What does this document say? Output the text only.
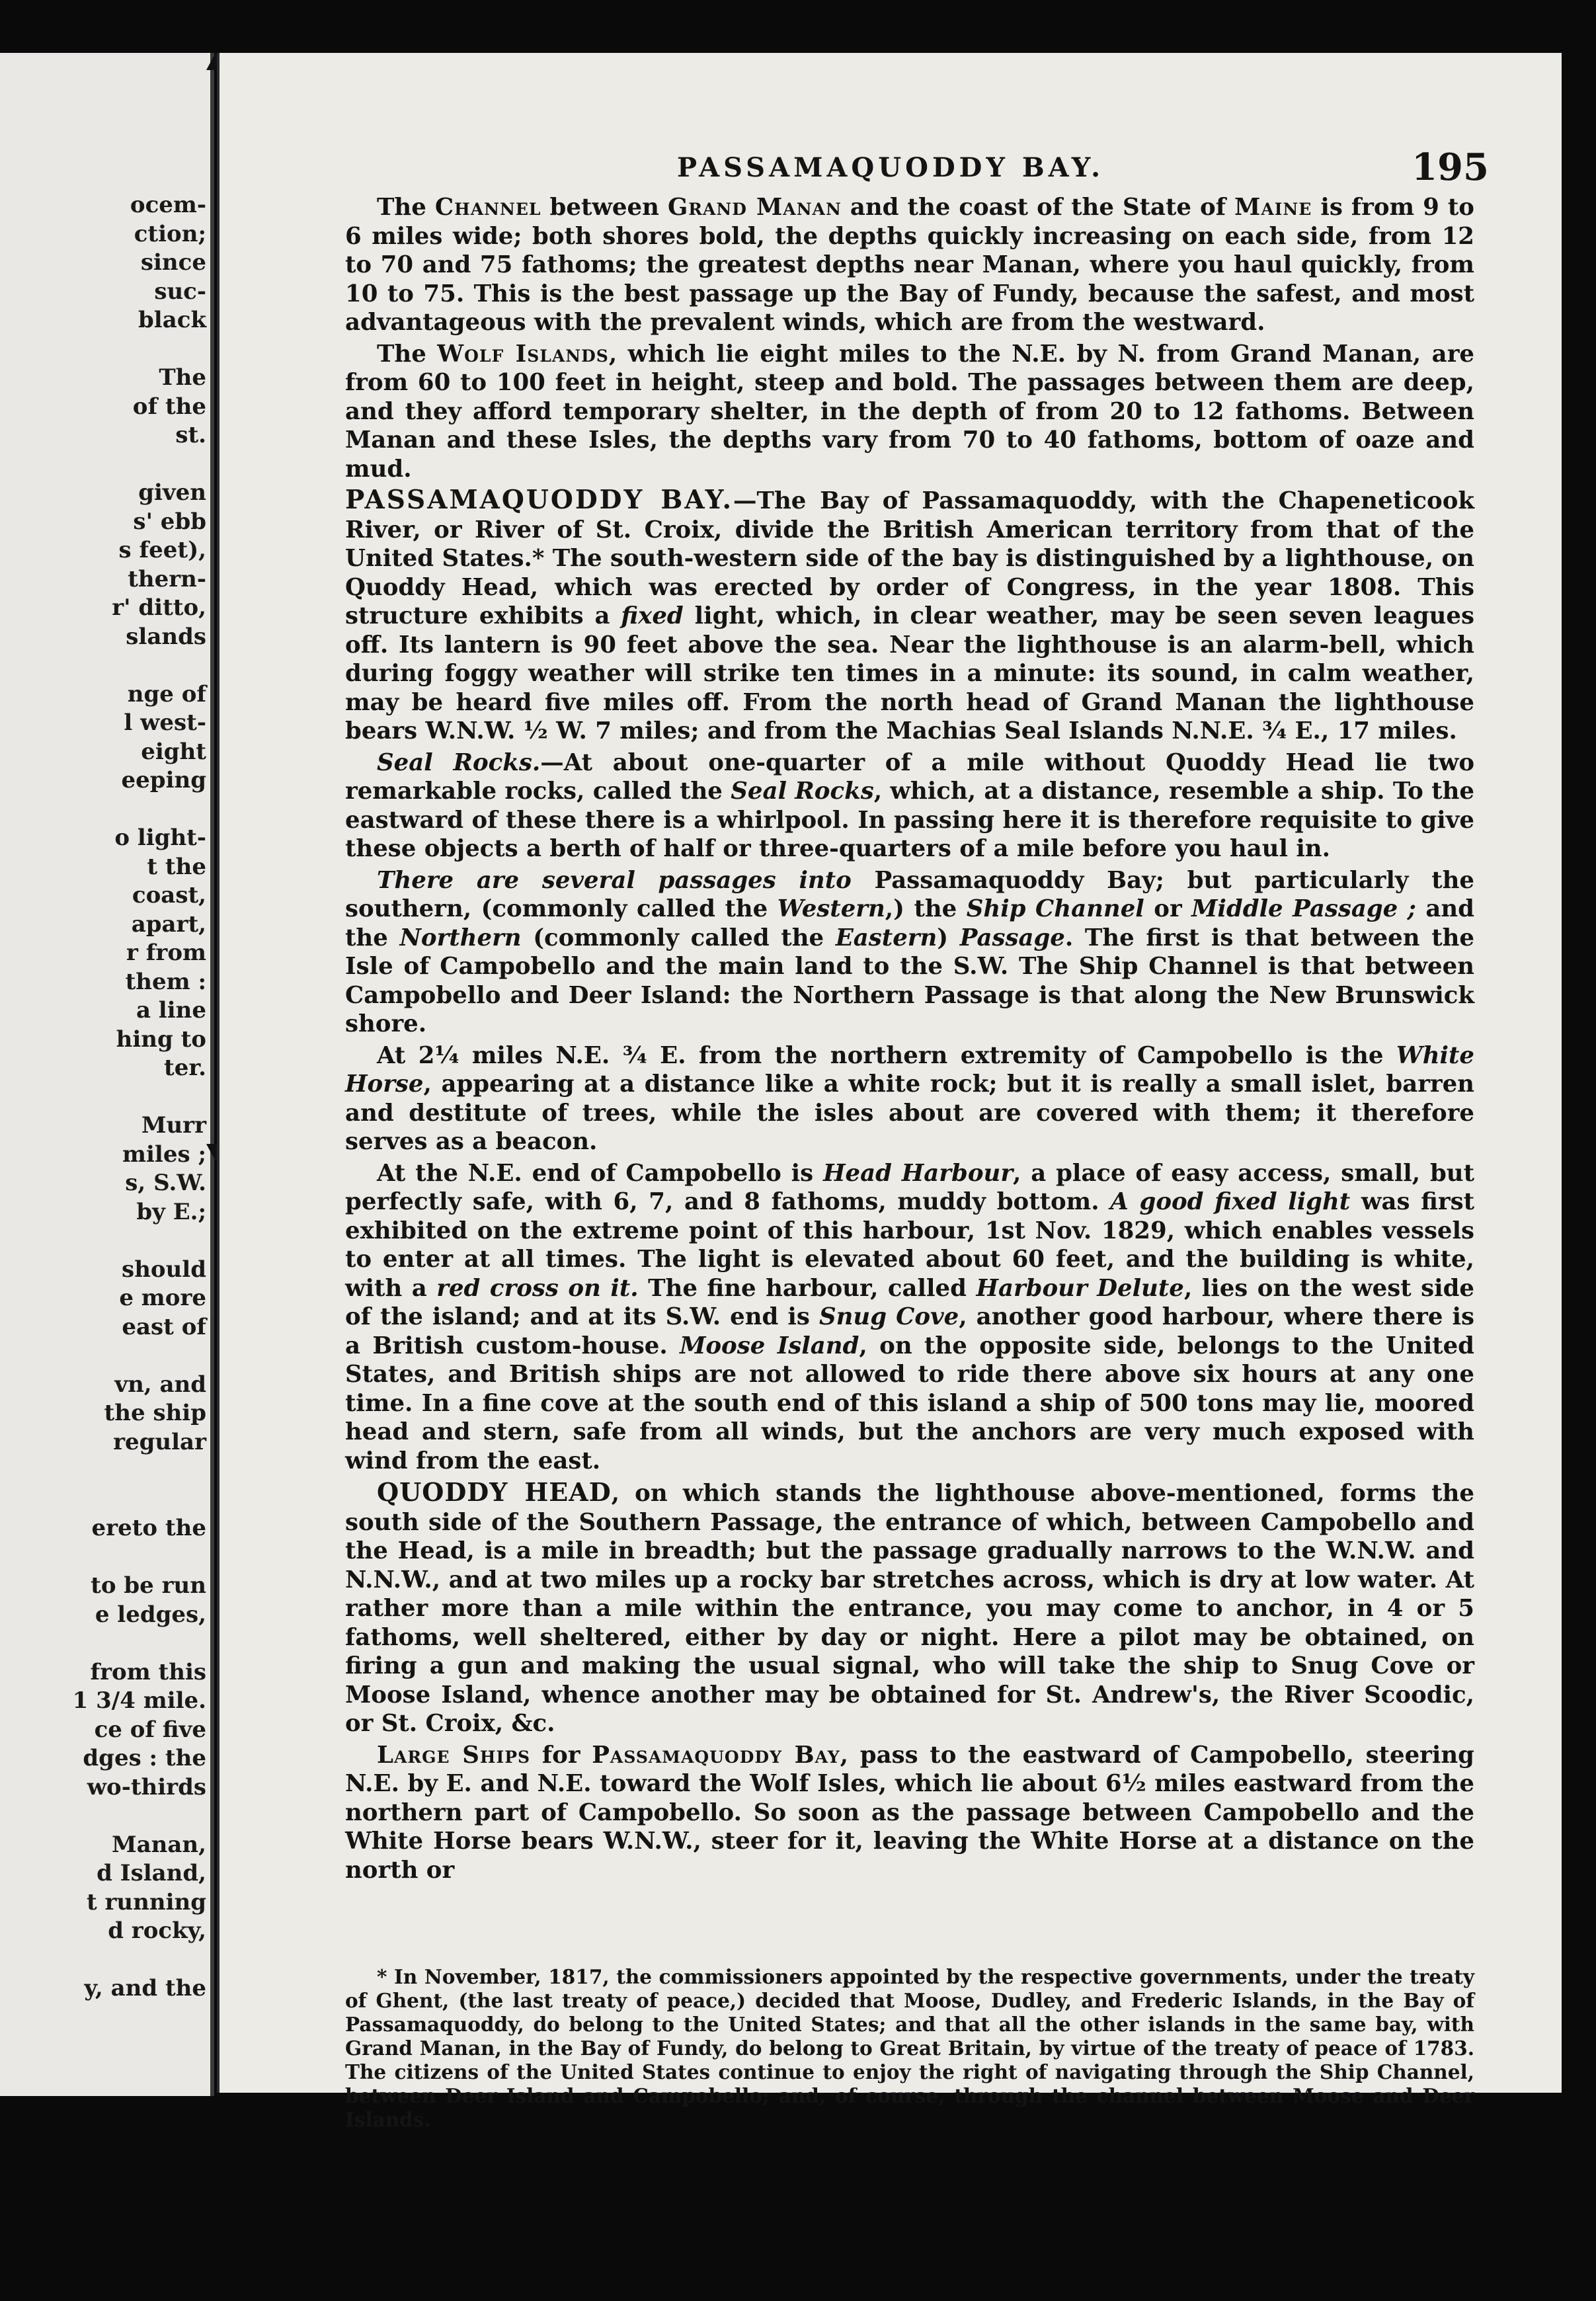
ocem-
ction;
since
suc-
black
The
of the
st.
given
s' ebb
s feet),
thern-
r' ditto,
slands
nge of
l west-
eight
eeping
o light-
t the
coast,
apart,
r from
them :
a line
hing to
ter.
Murr
miles ;
s, S.W.
by E.;
should
e more
east of
vn, and
the ship
regular
ereto the
to be run
e ledges,
from this
1 3/4 mile.
ce of five
dges : the
wo-thirds
Manan,
d Island,
t running
d rocky,
y, and the
PASSAMAQUODDY BAY.	195

The Channel between Grand Manan and the coast of the State of Maine is from 9 to 6 miles wide; both shores bold, the depths quickly increasing on each side, from 12 to 70 and 75 fathoms; the greatest depths near Manan, where you haul quickly, from 10 to 75. This is the best passage up the Bay of Fundy, because the safest, and most advantageous with the prevalent winds, which are from the westward.

The Wolf Islands, which lie eight miles to the N.E. by N. from Grand Manan, are from 60 to 100 feet in height, steep and bold. The passages between them are deep, and they afford temporary shelter, in the depth of from 20 to 12 fathoms. Between Manan and these Isles, the depths vary from 70 to 40 fathoms, bottom of oaze and mud.

PASSAMAQUODDY BAY.—The Bay of Passamaquoddy, with the Chapeneticook River, or River of St. Croix, divide the British American territory from that of the United States.* The south-western side of the bay is distinguished by a lighthouse, on Quoddy Head, which was erected by order of Congress, in the year 1808. This structure exhibits a fixed light, which, in clear weather, may be seen seven leagues off. Its lantern is 90 feet above the sea. Near the lighthouse is an alarm-bell, which during foggy weather will strike ten times in a minute: its sound, in calm weather, may be heard five miles off. From the north head of Grand Manan the lighthouse bears W.N.W. ½ W. 7 miles; and from the Machias Seal Islands N.N.E. ¾ E., 17 miles.

Seal Rocks.—At about one-quarter of a mile without Quoddy Head lie two remarkable rocks, called the Seal Rocks, which, at a distance, resemble a ship. To the eastward of these there is a whirlpool. In passing here it is therefore requisite to give these objects a berth of half or three-quarters of a mile before you haul in.

There are several passages into Passamaquoddy Bay; but particularly the southern, (commonly called the Western,) the Ship Channel or Middle Passage ; and the Northern (commonly called the Eastern) Passage. The first is that between the Isle of Campobello and the main land to the S.W. The Ship Channel is that between Campobello and Deer Island: the Northern Passage is that along the New Brunswick shore.

At 2¼ miles N.E. ¾ E. from the northern extremity of Campobello is the White Horse, appearing at a distance like a white rock; but it is really a small islet, barren and destitute of trees, while the isles about are covered with them; it therefore serves as a beacon.

At the N.E. end of Campobello is Head Harbour, a place of easy access, small, but perfectly safe, with 6, 7, and 8 fathoms, muddy bottom. A good fixed light was first exhibited on the extreme point of this harbour, 1st Nov. 1829, which enables vessels to enter at all times. The light is elevated about 60 feet, and the building is white, with a red cross on it. The fine harbour, called Harbour Delute, lies on the west side of the island; and at its S.W. end is Snug Cove, another good harbour, where there is a British custom-house. Moose Island, on the opposite side, belongs to the United States, and British ships are not allowed to ride there above six hours at any one time. In a fine cove at the south end of this island a ship of 500 tons may lie, moored head and stern, safe from all winds, but the anchors are very much exposed with wind from the east.

QUODDY HEAD, on which stands the lighthouse above-mentioned, forms the south side of the Southern Passage, the entrance of which, between Campobello and the Head, is a mile in breadth; but the passage gradually narrows to the W.N.W. and N.N.W., and at two miles up a rocky bar stretches across, which is dry at low water. At rather more than a mile within the entrance, you may come to anchor, in 4 or 5 fathoms, well sheltered, either by day or night. Here a pilot may be obtained, on firing a gun and making the usual signal, who will take the ship to Snug Cove or Moose Island, whence another may be obtained for St. Andrew's, the River Scoodic, or St. Croix, &c.

Large Ships for Passamaquoddy Bay, pass to the eastward of Campobello, steering N.E. by E. and N.E. toward the Wolf Isles, which lie about 6½ miles eastward from the northern part of Campobello. So soon as the passage between Campobello and the White Horse bears W.N.W., steer for it, leaving the White Horse at a distance on the north or

* In November, 1817, the commissioners appointed by the respective governments, under the treaty of Ghent, (the last treaty of peace,) decided that Moose, Dudley, and Frederic Islands, in the Bay of Passamaquoddy, do belong to the United States; and that all the other islands in the same bay, with Grand Manan, in the Bay of Fundy, do belong to Great Britain, by virtue of the treaty of peace of 1783. The citizens of the United States continue to enjoy the right of navigating through the Ship Channel, between Deer Island and Campobello; and, of course, through the channel between Moose and Deer Islands.
